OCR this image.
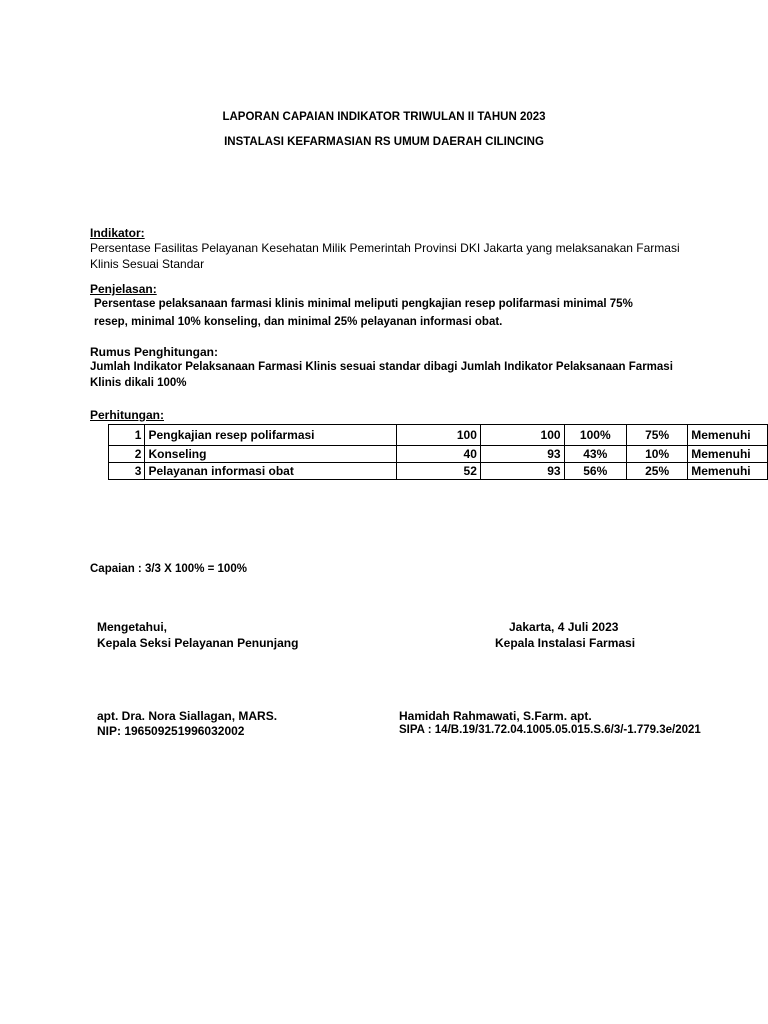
LAPORAN CAPAIAN INDIKATOR TRIWULAN II TAHUN 2023
INSTALASI KEFARMASIAN RS UMUM DAERAH CILINCING
Indikator:
Persentase Fasilitas Pelayanan Kesehatan Milik Pemerintah Provinsi DKI Jakarta yang melaksanakan Farmasi Klinis Sesuai Standar
Penjelasan:
Persentase pelaksanaan farmasi klinis minimal meliputi pengkajian resep polifarmasi minimal 75%
resep, minimal 10% konseling, dan minimal 25% pelayanan informasi obat.
Rumus Penghitungan:
Jumlah Indikator Pelaksanaan Farmasi Klinis sesuai standar dibagi Jumlah Indikator Pelaksanaan Farmasi
Klinis dikali 100%
Perhitungan:
1	Pengkajian resep polifarmasi	100	100	100%	75%	Memenuhi
2	Konseling	40	93	43%	10%	Memenuhi
3	Pelayanan informasi obat	52	93	56%	25%	Memenuhi
Capaian : 3/3 X 100% = 100%
Mengetahui,
Kepala Seksi Pelayanan Penunjang
apt. Dra. Nora Siallagan, MARS.
NIP: 196509251996032002
Jakarta, 4 Juli 2023
Kepala Instalasi Farmasi
Hamidah Rahmawati, S.Farm. apt.
SIPA : 14/B.19/31.72.04.1005.05.015.S.6/3/-1.779.3e/2021
